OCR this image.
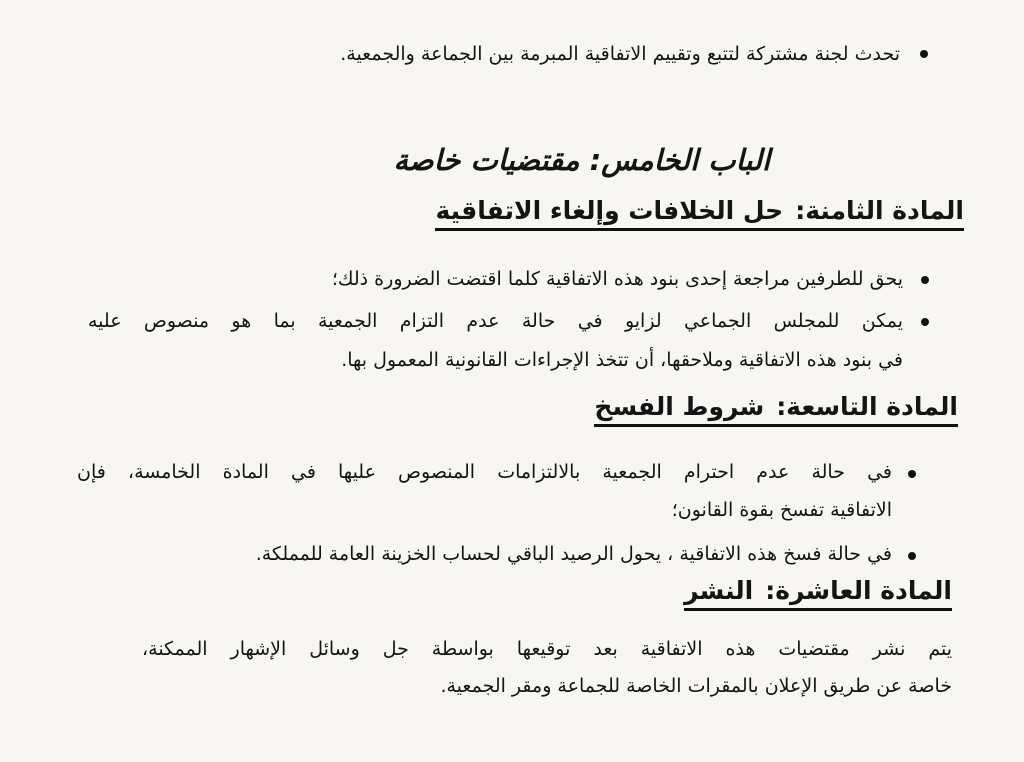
تحدث لجنة مشتركة لتتبع وتقييم الاتفاقية المبرمة بين الجماعة والجمعية.
الباب الخامس: مقتضيات خاصة
المادة الثامنة:حل الخلافات وإلغاء الاتفاقية
يحق للطرفين مراجعة إحدى بنود هذه الاتفاقية كلما اقتضت الضرورة ذلك؛
يمكن للمجلس الجماعي لزايو في حالة عدم التزام الجمعية بما هو منصوص عليه
في بنود هذه الاتفاقية وملاحقها، أن تتخذ الإجراءات القانونية المعمول بها.
المادة التاسعة:شروط الفسخ
في حالة عدم احترام الجمعية بالالتزامات المنصوص عليها في المادة الخامسة، فإن
الاتفاقية تفسخ بقوة القانون؛
في حالة فسخ هذه الاتفاقية ، يحول الرصيد الباقي لحساب الخزينة العامة للمملكة.
المادة العاشرة:النشر
يتم نشر مقتضيات هذه الاتفاقية بعد توقيعها بواسطة جل وسائل الإشهار الممكنة،
خاصة عن طريق الإعلان بالمقرات الخاصة للجماعة ومقر الجمعية.
